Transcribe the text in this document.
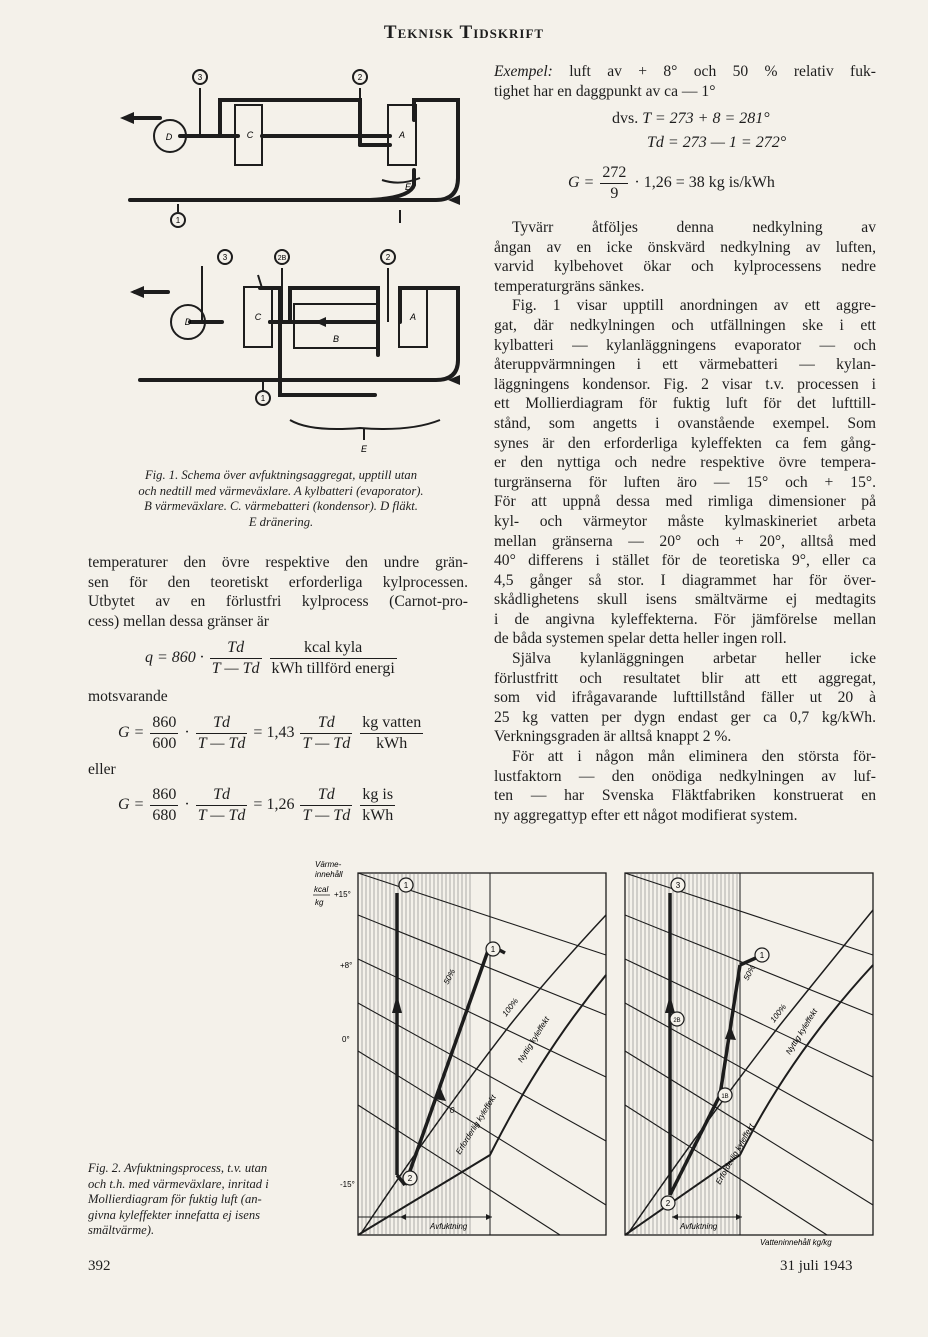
Teknisk Tidskrift
D	C	A
E
3	2
1
D	C	A
B
E
3	2B	2
1
Fig. 1. Schema över avfuktningsaggregat, upptill utan
och nedtill med värmeväxlare. A kylbatteri (evaporator).
B värmeväxlare. C. värmebatteri (kondensor). D fläkt.
E dränering.
temperaturer den övre respektive den undre grän-
sen för den teoretiskt erforderliga kylprocessen.
Utbytet av en förlustfri kylprocess (Carnot-pro-
cess) mellan dessa gränser är
$q = 860 \cdot \frac{Td}{T — Td}$
$\frac{\text{kcal kyla}}{\text{kWh tillförd energi}}$
motsvarande
$G = \frac{860}{600} \cdot \frac{Td}{T — Td} = 1,43 \frac{Td}{T — Td}$
$\frac{\text{kg vatten}}{\text{kWh}}$
eller
$G = \frac{860}{680} \cdot \frac{Td}{T — Td} = 1,26 \frac{Td}{T — Td}$
$\frac{\text{kg is}}{\text{kWh}}$
Exempel: luft av + 8° och 50 % relativ fuk-
tighet har en daggpunkt av ca — 1°
dvs. T = 273 + 8 = 281°
Td = 273 — 1 = 272°
$G = \frac{272}{9} \cdot 1,26 = 38$ kg is/kWh
Tyvärr åtföljes denna nedkylning av
ångan av en icke önskvärd nedkylning av luften,
varvid kylbehovet ökar och kylprocessens nedre
temperaturgräns sänkes.
Fig. 1 visar upptill anordningen av ett aggre-
gat, där nedkylningen och utfällningen ske i ett
kylbatteri — kylanläggningens evaporator — och
återuppvärmningen i ett värmebatteri — kylan-
läggningens kondensor. Fig. 2 visar t.v. processen i
ett Mollierdiagram för fuktig luft för det lufttill-
stånd, som angetts i ovanstående exempel. Som
synes är den erforderliga kyleffekten ca fem gång-
er den nyttiga och nedre respektive övre tempera-
turgränserna för luften äro — 15° och + 15°.
För att uppnå dessa med rimliga dimensioner på
kyl- och värmeytor måste kylmaskineriet arbeta
mellan gränserna — 20° och + 20°, alltså med
40° differens i stället för de teoretiska 9°, eller ca
4,5 gånger så stor. I diagrammet har för över-
skådlighetens skull isens smältvärme ej medtagits
i de angivna kyleffekterna. För jämförelse mellan
de båda systemen spelar detta heller ingen roll.
Själva kylanläggningen arbetar heller icke
förlustfritt och resultatet blir att ett aggregat,
som vid ifrågavarande lufttillstånd fäller ut 20 à
25 kg vatten per dygn endast ger ca 0,7 kg/kWh.
Verkningsgraden är alltså knappt 2 %.
För att i någon mån eliminera den största för-
lustfaktorn — den onödiga nedkylningen av luf-
ten — har Svenska Fläktfabriken konstruerat en
ny aggregattyp efter ett något modifierat system.
1
1
2
Avfuktning
Värme-
innehåll
kcal
kg
+15°
+8°
0°
-15°
50%
100%
Nyttig kyleffekt
Erforderlig kyleffekt
0
3
1
2B
1B
2
Avfuktning
50%
100%
Nyttig kyleffekt
Erforderlig kyleffekt
Vatteninnehåll kg/kg
Fig. 2. Avfuktningsprocess, t.v. utan
och t.h. med värmeväxlare, inritad i
Mollierdiagram för fuktig luft (an-
givna kyleffekter innefatta ej isens
smältvärme).
392	31 juli 1943
